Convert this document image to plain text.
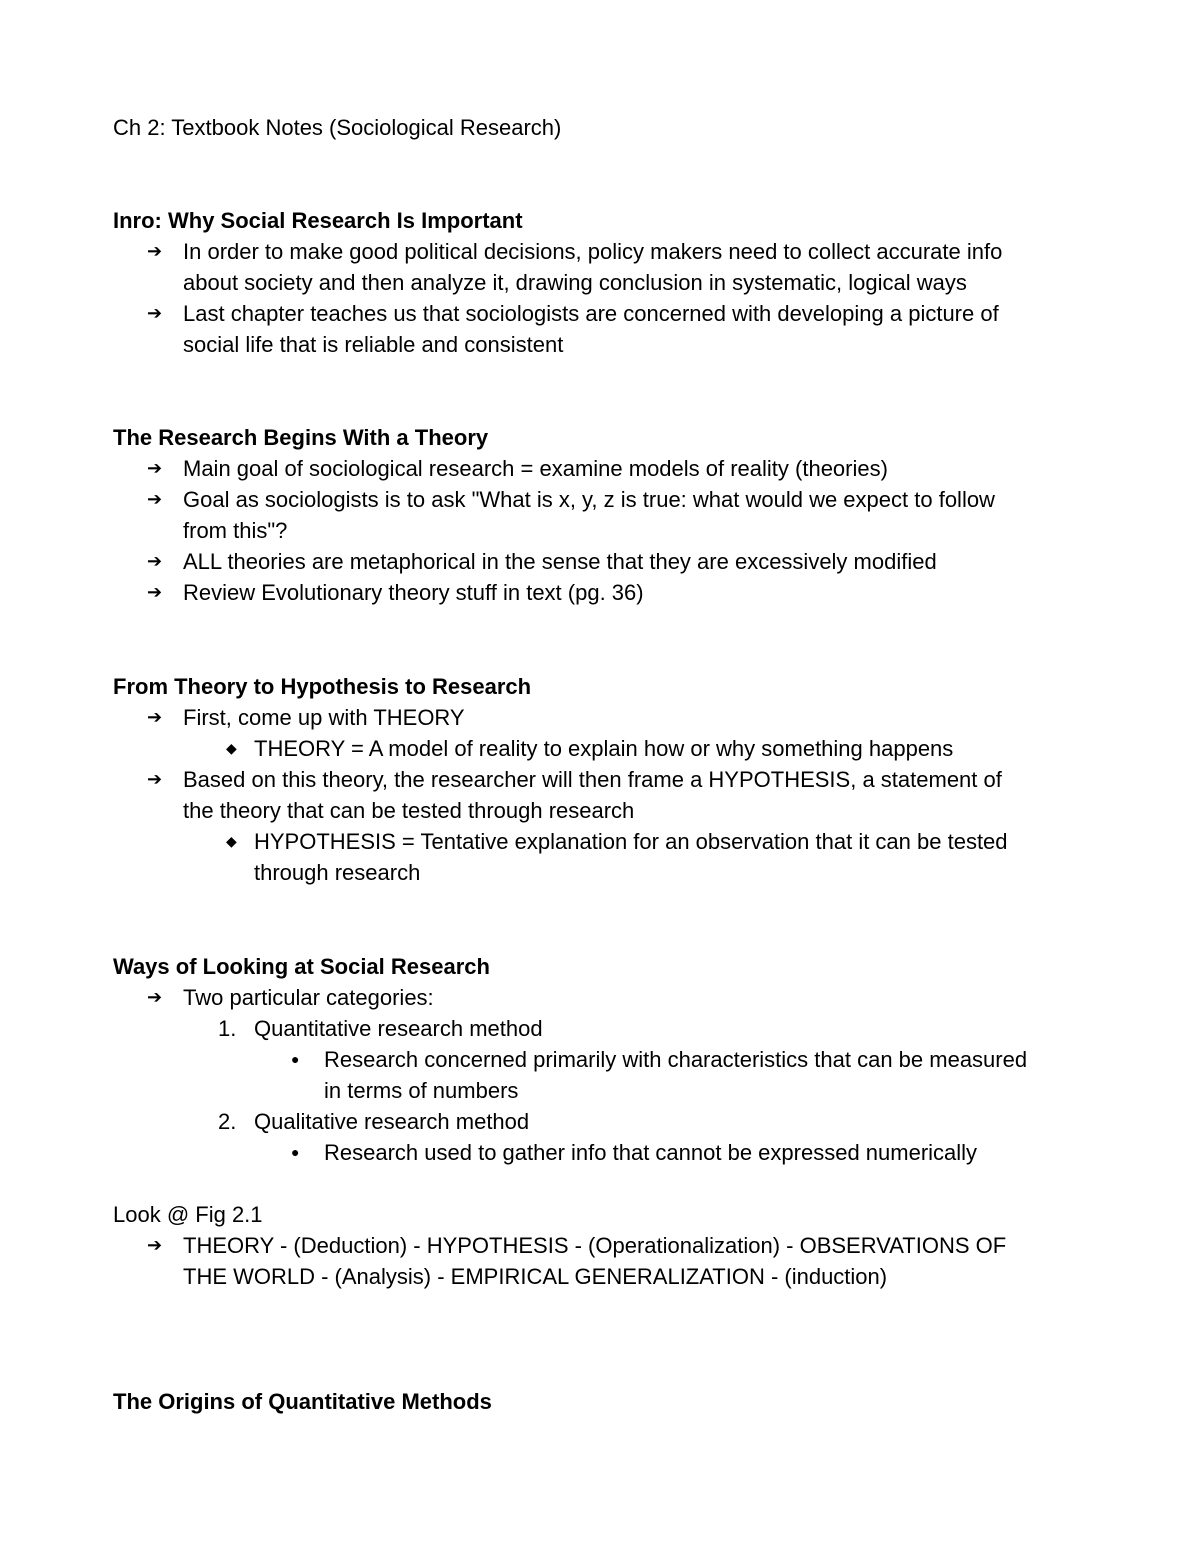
Ch 2: Textbook Notes (Sociological Research)
Inro: Why Social Research Is Important
➔ In order to make good political decisions, policy makers need to collect accurate info
about society and then analyze it, drawing conclusion in systematic, logical ways
➔ Last chapter teaches us that sociologists are concerned with developing a picture of
social life that is reliable and consistent
The Research Begins With a Theory
➔ Main goal of sociological research = examine models of reality (theories)
➔ Goal as sociologists is to ask "What is x, y, z is true: what would we expect to follow
from this"?
➔ ALL theories are metaphorical in the sense that they are excessively modified
➔ Review Evolutionary theory stuff in text (pg. 36)
From Theory to Hypothesis to Research
➔ First, come up with THEORY
◆ THEORY = A model of reality to explain how or why something happens
➔ Based on this theory, the researcher will then frame a HYPOTHESIS, a statement of
the theory that can be tested through research
◆ HYPOTHESIS = Tentative explanation for an observation that it can be tested
through research
Ways of Looking at Social Research
➔ Two particular categories:
1. Quantitative research method
●	Research concerned primarily with characteristics that can be measured
in terms of numbers
2. Qualitative research method
●	Research used to gather info that cannot be expressed numerically
Look @ Fig 2.1
➔ THEORY - (Deduction) - HYPOTHESIS - (Operationalization) - OBSERVATIONS OF
THE WORLD - (Analysis) - EMPIRICAL GENERALIZATION - (induction)
The Origins of Quantitative Methods
